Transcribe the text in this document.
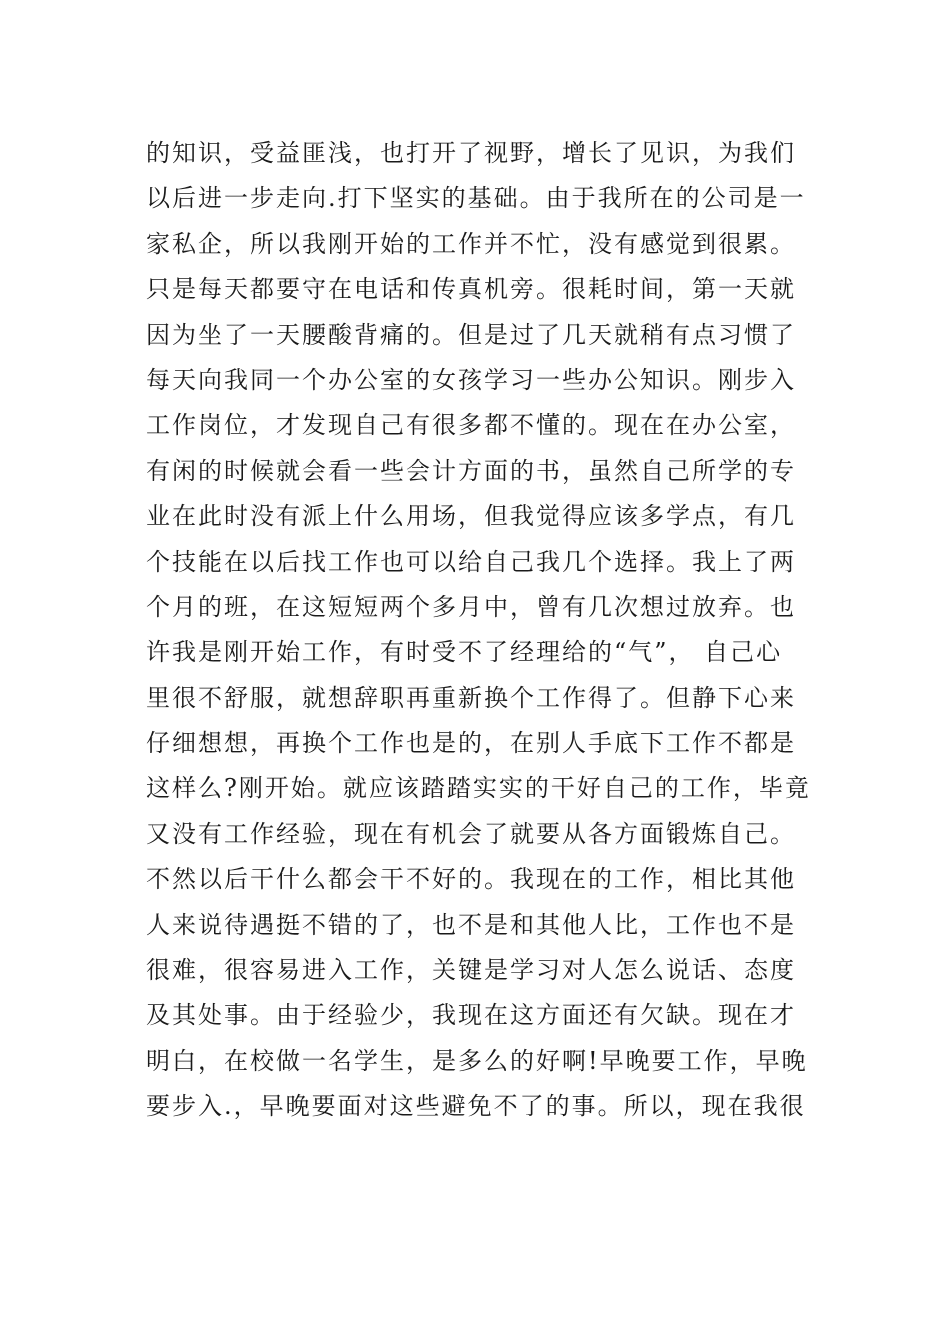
的知识，受益匪浅，也打开了视野，增长了见识，为我们
以后进一步走向.打下坚实的基础。由于我所在的公司是一
家私企，所以我刚开始的工作并不忙，没有感觉到很累。
只是每天都要守在电话和传真机旁。很耗时间，第一天就
因为坐了一天腰酸背痛的。但是过了几天就稍有点习惯了
每天向我同一个办公室的女孩学习一些办公知识。刚步入
工作岗位，才发现自己有很多都不懂的。现在在办公室，
有闲的时候就会看一些会计方面的书，虽然自己所学的专
业在此时没有派上什么用场，但我觉得应该多学点，有几
个技能在以后找工作也可以给自己我几个选择。我上了两
个月的班，在这短短两个多月中，曾有几次想过放弃。也
许我是刚开始工作，有时受不了经理给的“气”， 自己心
里很不舒服，就想辞职再重新换个工作得了。但静下心来
仔细想想，再换个工作也是的，在别人手底下工作不都是
这样么?刚开始。就应该踏踏实实的干好自己的工作，毕竟
又没有工作经验，现在有机会了就要从各方面锻炼自己。
不然以后干什么都会干不好的。我现在的工作，相比其他
人来说待遇挺不错的了，也不是和其他人比，工作也不是
很难，很容易进入工作，关键是学习对人怎么说话、态度
及其处事。由于经验少，我现在这方面还有欠缺。现在才
明白，在校做一名学生，是多么的好啊!早晚要工作，早晚
要步入.，早晚要面对这些避免不了的事。所以，现在我很
